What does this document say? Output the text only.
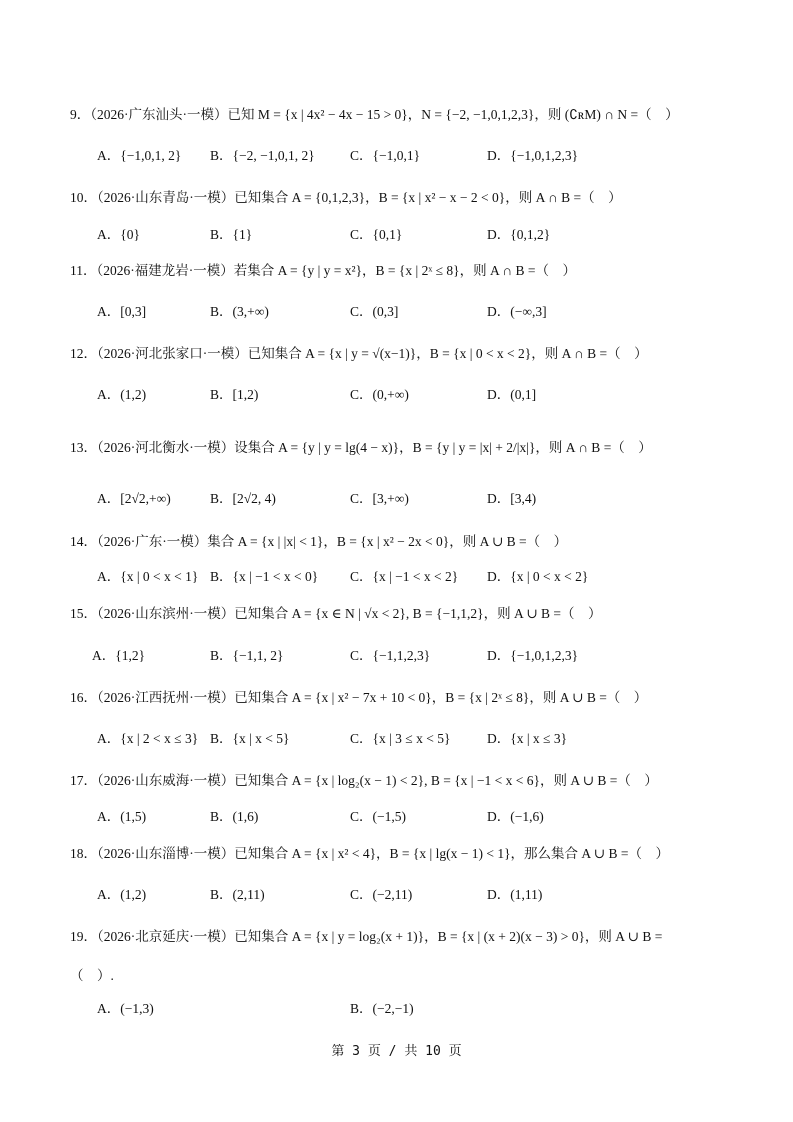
9．（2026·广东汕头·一模）已知 M = {x | 4x² − 4x − 15 > 0}，N = {−2, −1,0,1,2,3}，则 (∁ʀM) ∩ N =（　）
A．{−1,0,1, 2} B．{−2, −1,0,1, 2}	C．{−1,0,1}	D．{−1,0,1,2,3}
10．（2026·山东青岛·一模）已知集合 A = {0,1,2,3}，B = {x | x² − x − 2 < 0}，则 A ∩ B =（　）
A．{0}	B．{1}	C．{0,1}	D．{0,1,2}
11．（2026·福建龙岩·一模）若集合 A = {y | y = x²}，B = {x | 2ˣ ≤ 8}，则 A ∩ B =（　）
A．[0,3]	B．(3,+∞)	C．(0,3]	D．(−∞,3]
12．（2026·河北张家口·一模）已知集合 A = {x | y = √(x−1)}，B = {x | 0 < x < 2}，则 A ∩ B =（　）
A．(1,2)	B．[1,2)	C．(0,+∞)	D．(0,1]
13．（2026·河北衡水·一模）设集合 A = {y | y = lg(4 − x)}，B = {y | y = |x| + 2/|x|}，则 A ∩ B =（　）
A．[2√2,+∞)	B．[2√2, 4)	C．[3,+∞)	D．[3,4)
14．（2026·广东·一模）集合 A = {x | |x| < 1}，B = {x | x² − 2x < 0}，则 A ∪ B =（　）
A．{x | 0 < x < 1} B．{x | −1 < x < 0} C．{x | −1 < x < 2} D．{x | 0 < x < 2}
15．（2026·山东滨州·一模）已知集合 A = {x ∈ N | √x < 2}, B = {−1,1,2}，则 A ∪ B =（　）
A．{1,2}	B．{−1,1, 2}	C．{−1,1,2,3}	D．{−1,0,1,2,3}
16．（2026·江西抚州·一模）已知集合 A = {x | x² − 7x + 10 < 0}，B = {x | 2ˣ ≤ 8}，则 A ∪ B =（　）
A．{x | 2 < x ≤ 3} B．{x | x < 5}	C．{x | 3 ≤ x < 5}	D．{x | x ≤ 3}
17．（2026·山东威海·一模）已知集合 A = {x | log₂(x − 1) < 2}, B = {x | −1 < x < 6}，则 A ∪ B =（　）
A．(1,5)	B．(1,6)	C．(−1,5)	D．(−1,6)
18．（2026·山东淄博·一模）已知集合 A = {x | x² < 4}，B = {x | lg(x − 1) < 1}，那么集合 A ∪ B =（　）
A．(1,2)	B．(2,11)	C．(−2,11)	D．(1,11)
19．（2026·北京延庆·一模）已知集合 A = {x | y = log₂(x + 1)}，B = {x | (x + 2)(x − 3) > 0}，则 A ∪ B =
（　）.
A．(−1,3)	B．(−2,−1)
第 3 页 / 共 10 页
